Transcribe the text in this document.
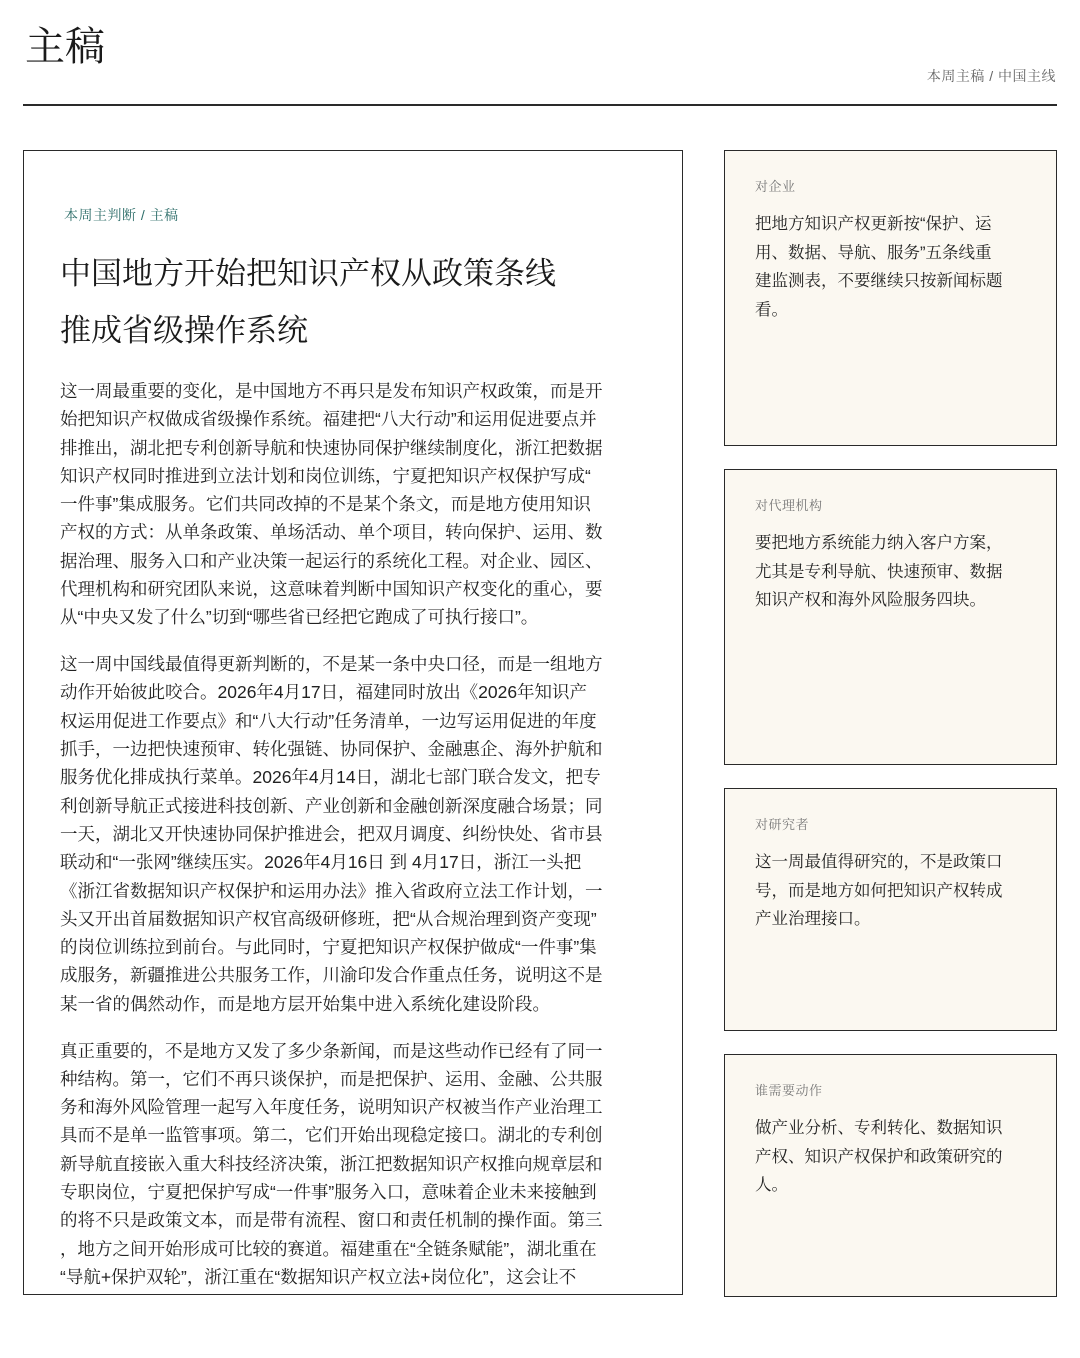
主稿
本周主稿 / 中国主线
本周主判断 / 主稿
中国地方开始把知识产权从政策条线
推成省级操作系统

这一周最重要的变化，是中国地方不再只是发布知识产权政策，而是开
始把知识产权做成省级操作系统。福建把“八大行动”和运用促进要点并
排推出，湖北把专利创新导航和快速协同保护继续制度化，浙江把数据
知识产权同时推进到立法计划和岗位训练，宁夏把知识产权保护写成“
一件事”集成服务。它们共同改掉的不是某个条文，而是地方使用知识
产权的方式：从单条政策、单场活动、单个项目，转向保护、运用、数
据治理、服务入口和产业决策一起运行的系统化工程。对企业、园区、
代理机构和研究团队来说，这意味着判断中国知识产权变化的重心，要
从“中央又发了什么”切到“哪些省已经把它跑成了可执行接口”。

这一周中国线最值得更新判断的，不是某一条中央口径，而是一组地方
动作开始彼此咬合。2026年4月17日，福建同时放出《2026年知识产
权运用促进工作要点》和“八大行动”任务清单，一边写运用促进的年度
抓手，一边把快速预审、转化强链、协同保护、金融惠企、海外护航和
服务优化排成执行菜单。2026年4月14日，湖北七部门联合发文，把专
利创新导航正式接进科技创新、产业创新和金融创新深度融合场景；同
一天，湖北又开快速协同保护推进会，把双月调度、纠纷快处、省市县
联动和“一张网”继续压实。2026年4月16日 到 4月17日，浙江一头把
《浙江省数据知识产权保护和运用办法》推入省政府立法工作计划，一
头又开出首届数据知识产权官高级研修班，把“从合规治理到资产变现”
的岗位训练拉到前台。与此同时，宁夏把知识产权保护做成“一件事”集
成服务，新疆推进公共服务工作，川渝印发合作重点任务，说明这不是
某一省的偶然动作，而是地方层开始集中进入系统化建设阶段。

真正重要的，不是地方又发了多少条新闻，而是这些动作已经有了同一
种结构。第一，它们不再只谈保护，而是把保护、运用、金融、公共服
务和海外风险管理一起写入年度任务，说明知识产权被当作产业治理工
具而不是单一监管事项。第二，它们开始出现稳定接口。湖北的专利创
新导航直接嵌入重大科技经济决策，浙江把数据知识产权推向规章层和
专职岗位，宁夏把保护写成“一件事”服务入口，意味着企业未来接触到
的将不只是政策文本，而是带有流程、窗口和责任机制的操作面。第三
，地方之间开始形成可比较的赛道。福建重在“全链条赋能”，湖北重在
“导航+保护双轮”，浙江重在“数据知识产权立法+岗位化”，这会让不

对企业
把地方知识产权更新按“保护、运
用、数据、导航、服务”五条线重
建监测表，不要继续只按新闻标题
看。
对代理机构
要把地方系统能力纳入客户方案，
尤其是专利导航、快速预审、数据
知识产权和海外风险服务四块。
对研究者
这一周最值得研究的，不是政策口
号，而是地方如何把知识产权转成
产业治理接口。
谁需要动作
做产业分析、专利转化、数据知识
产权、知识产权保护和政策研究的
人。
